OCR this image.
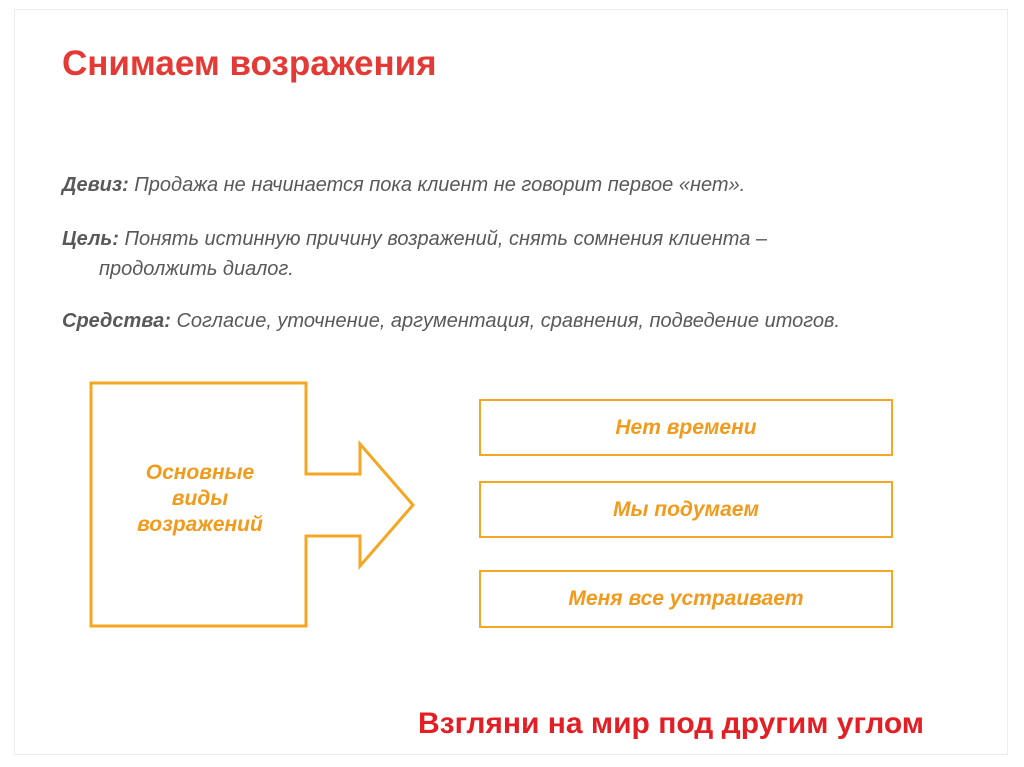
Снимаем возражения

Девиз: Продажа не начинается пока клиент не говорит первое «нет».

Цель: Понять истинную причину возражений, снять сомнения клиента –
продолжить диалог.

Средства: Согласие, уточнение, аргументация, сравнения, подведение итогов.

Основные
виды
возражений
Нет времени
Мы подумаем
Меня все устраивает

Взгляни на мир под другим углом
